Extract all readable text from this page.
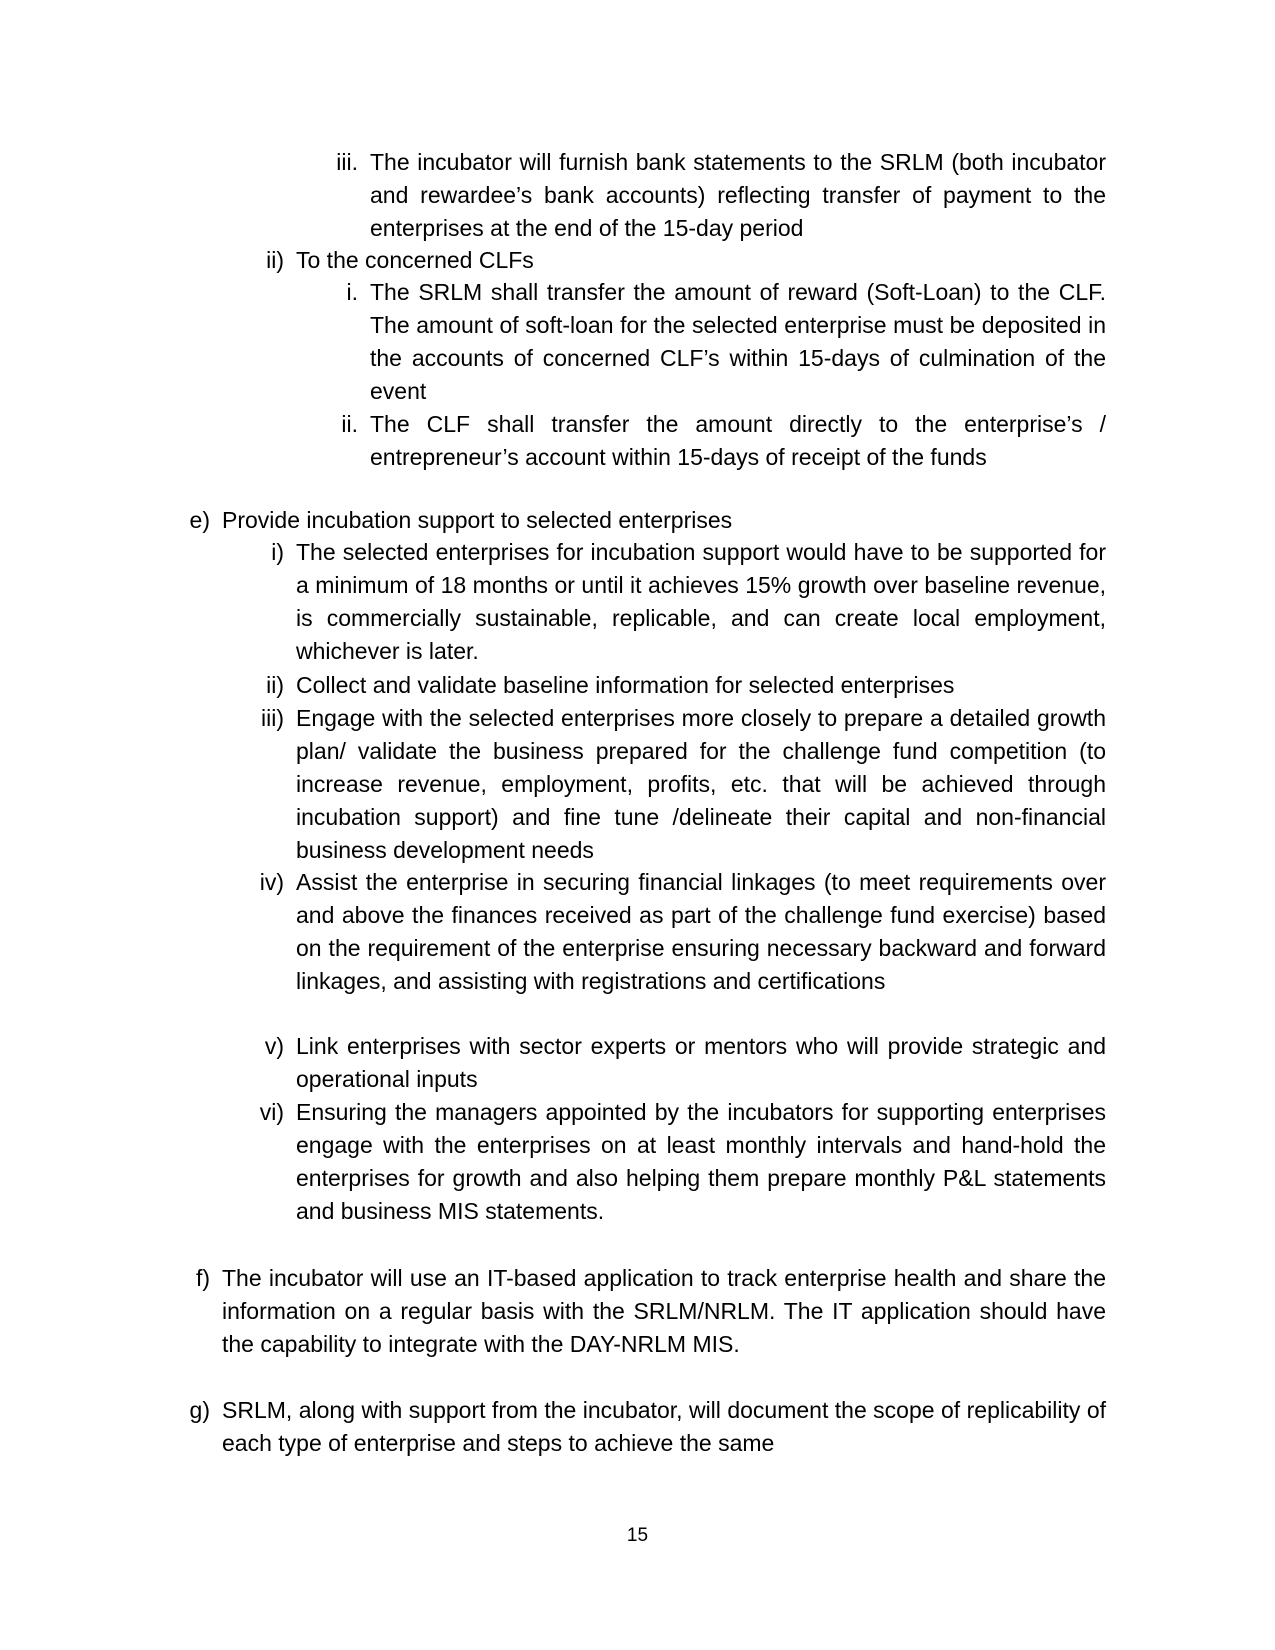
iii. The incubator will furnish bank statements to the SRLM (both incubator and rewardee’s bank accounts) reflecting transfer of payment to the enterprises at the end of the 15-day period
ii) To the concerned CLFs
i. The SRLM shall transfer the amount of reward (Soft-Loan) to the CLF. The amount of soft-loan for the selected enterprise must be deposited in the accounts of concerned CLF’s within 15-days of culmination of the event
ii. The CLF shall transfer the amount directly to the enterprise’s / entrepreneur’s account within 15-days of receipt of the funds
e) Provide incubation support to selected enterprises
i) The selected enterprises for incubation support would have to be supported for a minimum of 18 months or until it achieves 15% growth over baseline revenue, is commercially sustainable, replicable, and can create local employment, whichever is later.
ii) Collect and validate baseline information for selected enterprises
iii) Engage with the selected enterprises more closely to prepare a detailed growth plan/ validate the business prepared for the challenge fund competition (to increase revenue, employment, profits, etc. that will be achieved through incubation support) and fine tune /delineate their capital and non-financial business development needs
iv) Assist the enterprise in securing financial linkages (to meet requirements over and above the finances received as part of the challenge fund exercise) based on the requirement of the enterprise ensuring necessary backward and forward linkages, and assisting with registrations and certifications
v) Link enterprises with sector experts or mentors who will provide strategic and operational inputs
vi) Ensuring the managers appointed by the incubators for supporting enterprises engage with the enterprises on at least monthly intervals and hand-hold the enterprises for growth and also helping them prepare monthly P&L statements and business MIS statements.
f) The incubator will use an IT-based application to track enterprise health and share the information on a regular basis with the SRLM/NRLM. The IT application should have the capability to integrate with the DAY-NRLM MIS.
g) SRLM, along with support from the incubator, will document the scope of replicability of each type of enterprise and steps to achieve the same
15
